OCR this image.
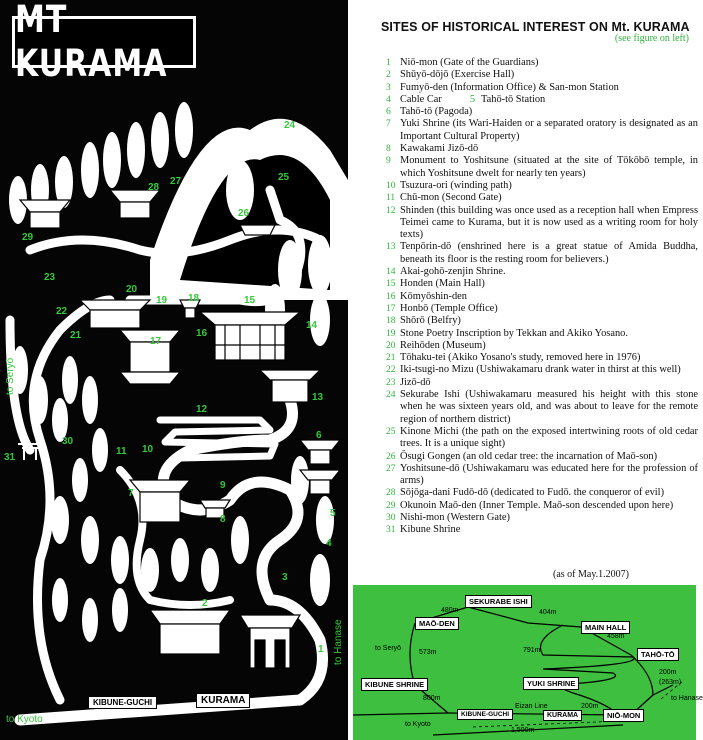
MT KURAMA
1
2
3
4
5
6
7
8
9
10
11
12
13
14
15
16
17
18
19
20
21
22
23
24
25
26
27
28
29
30
31
to Seryō
to Hanase
to Kyoto
KIBUNE-GUCHI	KURAMA
SITES OF HISTORICAL INTEREST ON Mt. KURAMA
(see figure on left)
1 Niō-mon (Gate of the Guardians)
2 Shūyō-dōjō (Exercise Hall)
3 Fumyō-den (Information Office) & San-mon Station
4 Cable Car	5 Tahō-tō Station
6 Tahō-tō (Pagoda)
7 Yuki Shrine (its Wari-Haiden or a separated oratory is designated as an Important Cultural Property)
8 Kawakami Jizō-dō
9 Monument to Yoshitsune (situated at the site of Tōkōbō temple, in which Yoshitsune dwelt for nearly ten years)
10 Tsuzura-ori (winding path)
11 Chū-mon (Second Gate)
12 Shinden (this building was once used as a reception hall when Empress Teimei came to Kurama, but it is now used as a writing room for holy texts)
13 Tenpōrin-dō (enshrined here is a great statue of Amida Buddha, beneath its floor is the resting room for believers.)
14 Akai-gohō-zenjin Shrine.
15 Honden (Main Hall)
16 Kōmyōshin-den
17 Honbō (Temple Office)
18 Shōrō (Belfry)
19 Stone Poetry Inscription by Tekkan and Akiko Yosano.
20 Reihōden (Museum)
21 Tōhaku-tei (Akiko Yosano's study, removed here in 1976)
22 Iki-tsugi-no Mizu (Ushiwakamaru drank water in thirst at this well)
23 Jizō-dō
24 Sekurabe Ishi (Ushiwakamaru measured his height with this stone when he was sixteen years old, and was about to leave for the remote region of northern district)
25 Kinone Michi (the path on the exposed intertwining roots of old cedar trees. It is a unique sight)
26 Ōsugi Gongen (an old cedar tree: the incarnation of Maō-son)
27 Yoshitsune-dō (Ushiwakamaru was educated here for the profession of arms)
28 Sōjōga-dani Fudō-dō (dedicated to Fudō. the conqueror of evil)
29 Okunoin Maō-den (Inner Temple. Maō-son descended upon here)
30 Nishi-mon (Western Gate)
31 Kibune Shrine
(as of May.1.2007)
SEKURABE ISHI
MAŌ-DEN	MAIN HALL
TAHŌ-TŌ
YUKI SHRINE
KIBUNE SHRINE
NIŌ-MON
KIBUNE-GUCHI	KURAMA
480m	404m
458m
791m
573m
800m
200m
200m
(263m)
1,500m
to Seryō
to Kyoto
Eizan Line
to Hanase
